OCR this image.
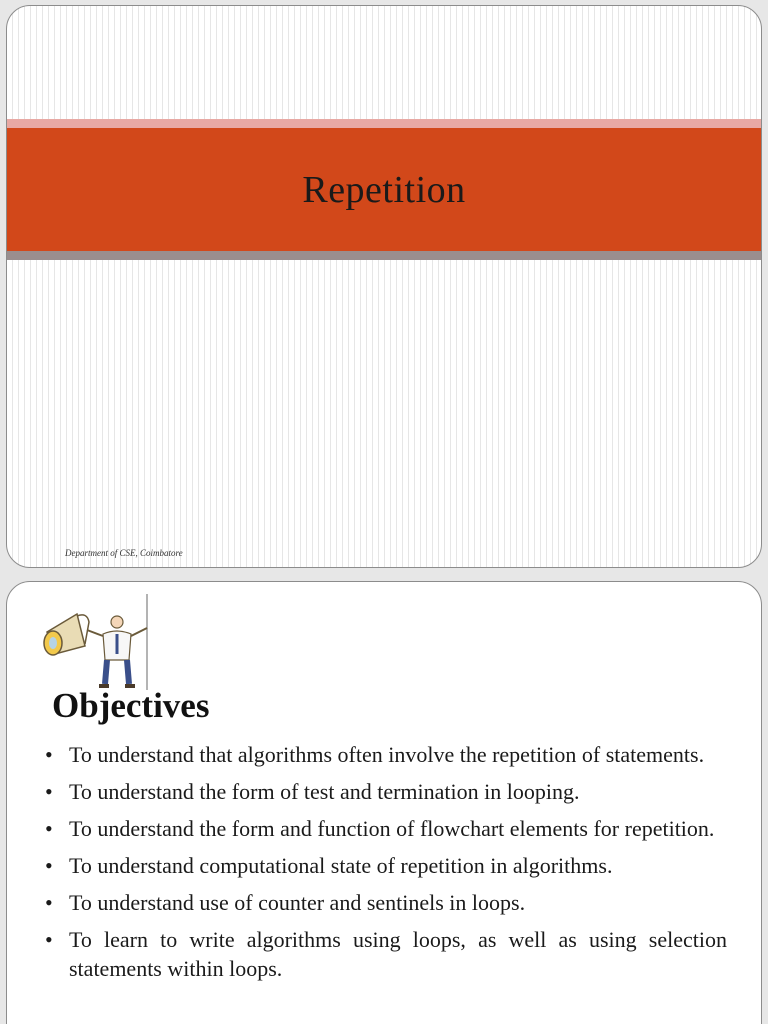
Repetition
Department of CSE, Coimbatore
Objectives
• To understand that algorithms often involve the repetition of statements.
• To understand the form of test and termination in looping.
• To understand the form and function of flowchart elements for repetition.
• To understand computational state of repetition in algorithms.
• To understand use of counter and sentinels in loops.
• To learn to write algorithms using loops, as well as using selection statements within loops.
